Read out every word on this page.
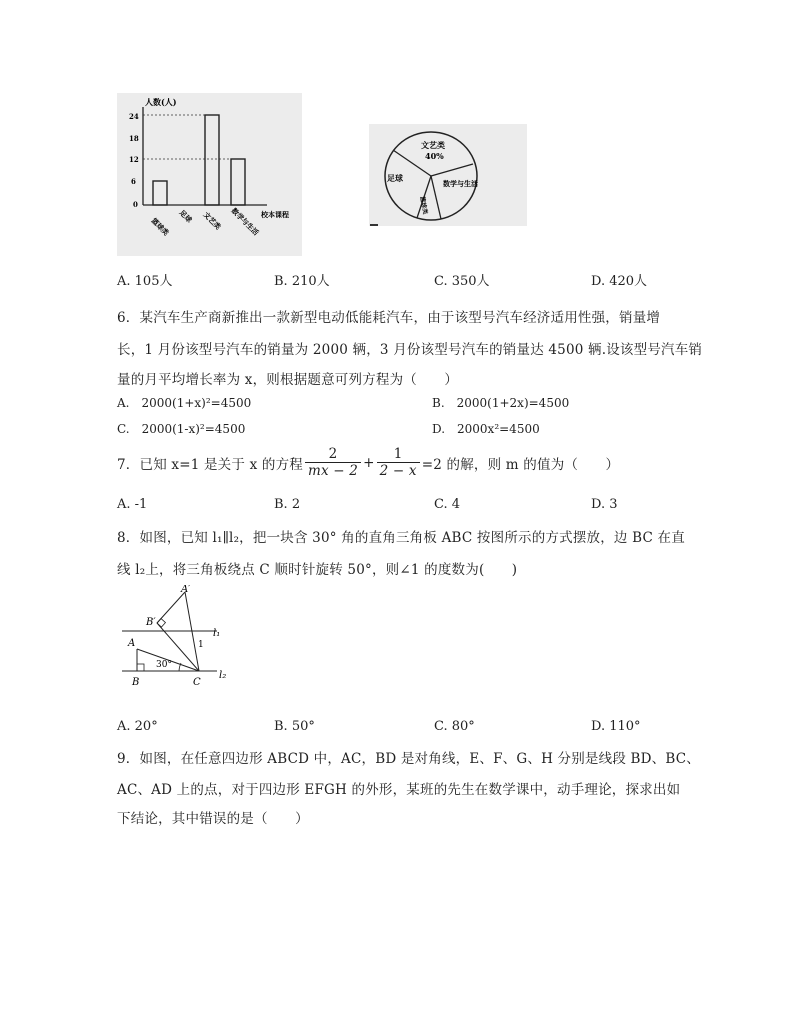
人数(人)
24
18
12
6
0
篮球类 足球 文艺类 数学与生活 校本课程
文艺类
40%
足球
数学与生活
篮球类
A. 105人	B. 210人	C. 350人	D. 420人
6．某汽车生产商新推出一款新型电动低能耗汽车，由于该型号汽车经济适用性强，销量增
长，1 月份该型号汽车的销量为 2000 辆，3 月份该型号汽车的销量达 4500 辆.设该型号汽车销
量的月平均增长率为 x，则根据题意可列方程为（　　）
A.　2000(1+x)²=4500	B.　2000(1+2x)=4500
C.　2000(1-x)²=4500	D.　2000x²=4500
7．已知 x=1 是关于 x 的方程 $\frac{2}{mx - 2} + \frac{1}{2 - x} =2$ 的解，则 m 的值为（　　）
A. -1	B. 2	C. 4	D. 3
8．如图，已知 l₁∥l₂，把一块含 30° 角的直角三角板 ABC 按图所示的方式摆放，边 BC 在直
线 l₂上，将三角板绕点 C 顺时针旋转 50°，则∠1 的度数为(　　)
A′
B′
A
B	C
1
30°
l₁
l₂
A. 20°	B. 50°	C. 80°	D. 110°
9．如图，在任意四边形 ABCD 中，AC，BD 是对角线，E、F、G、H 分别是线段 BD、BC、
AC、AD 上的点，对于四边形 EFGH 的外形，某班的先生在数学课中，动手理论，探求出如
下结论，其中错误的是（　　）
